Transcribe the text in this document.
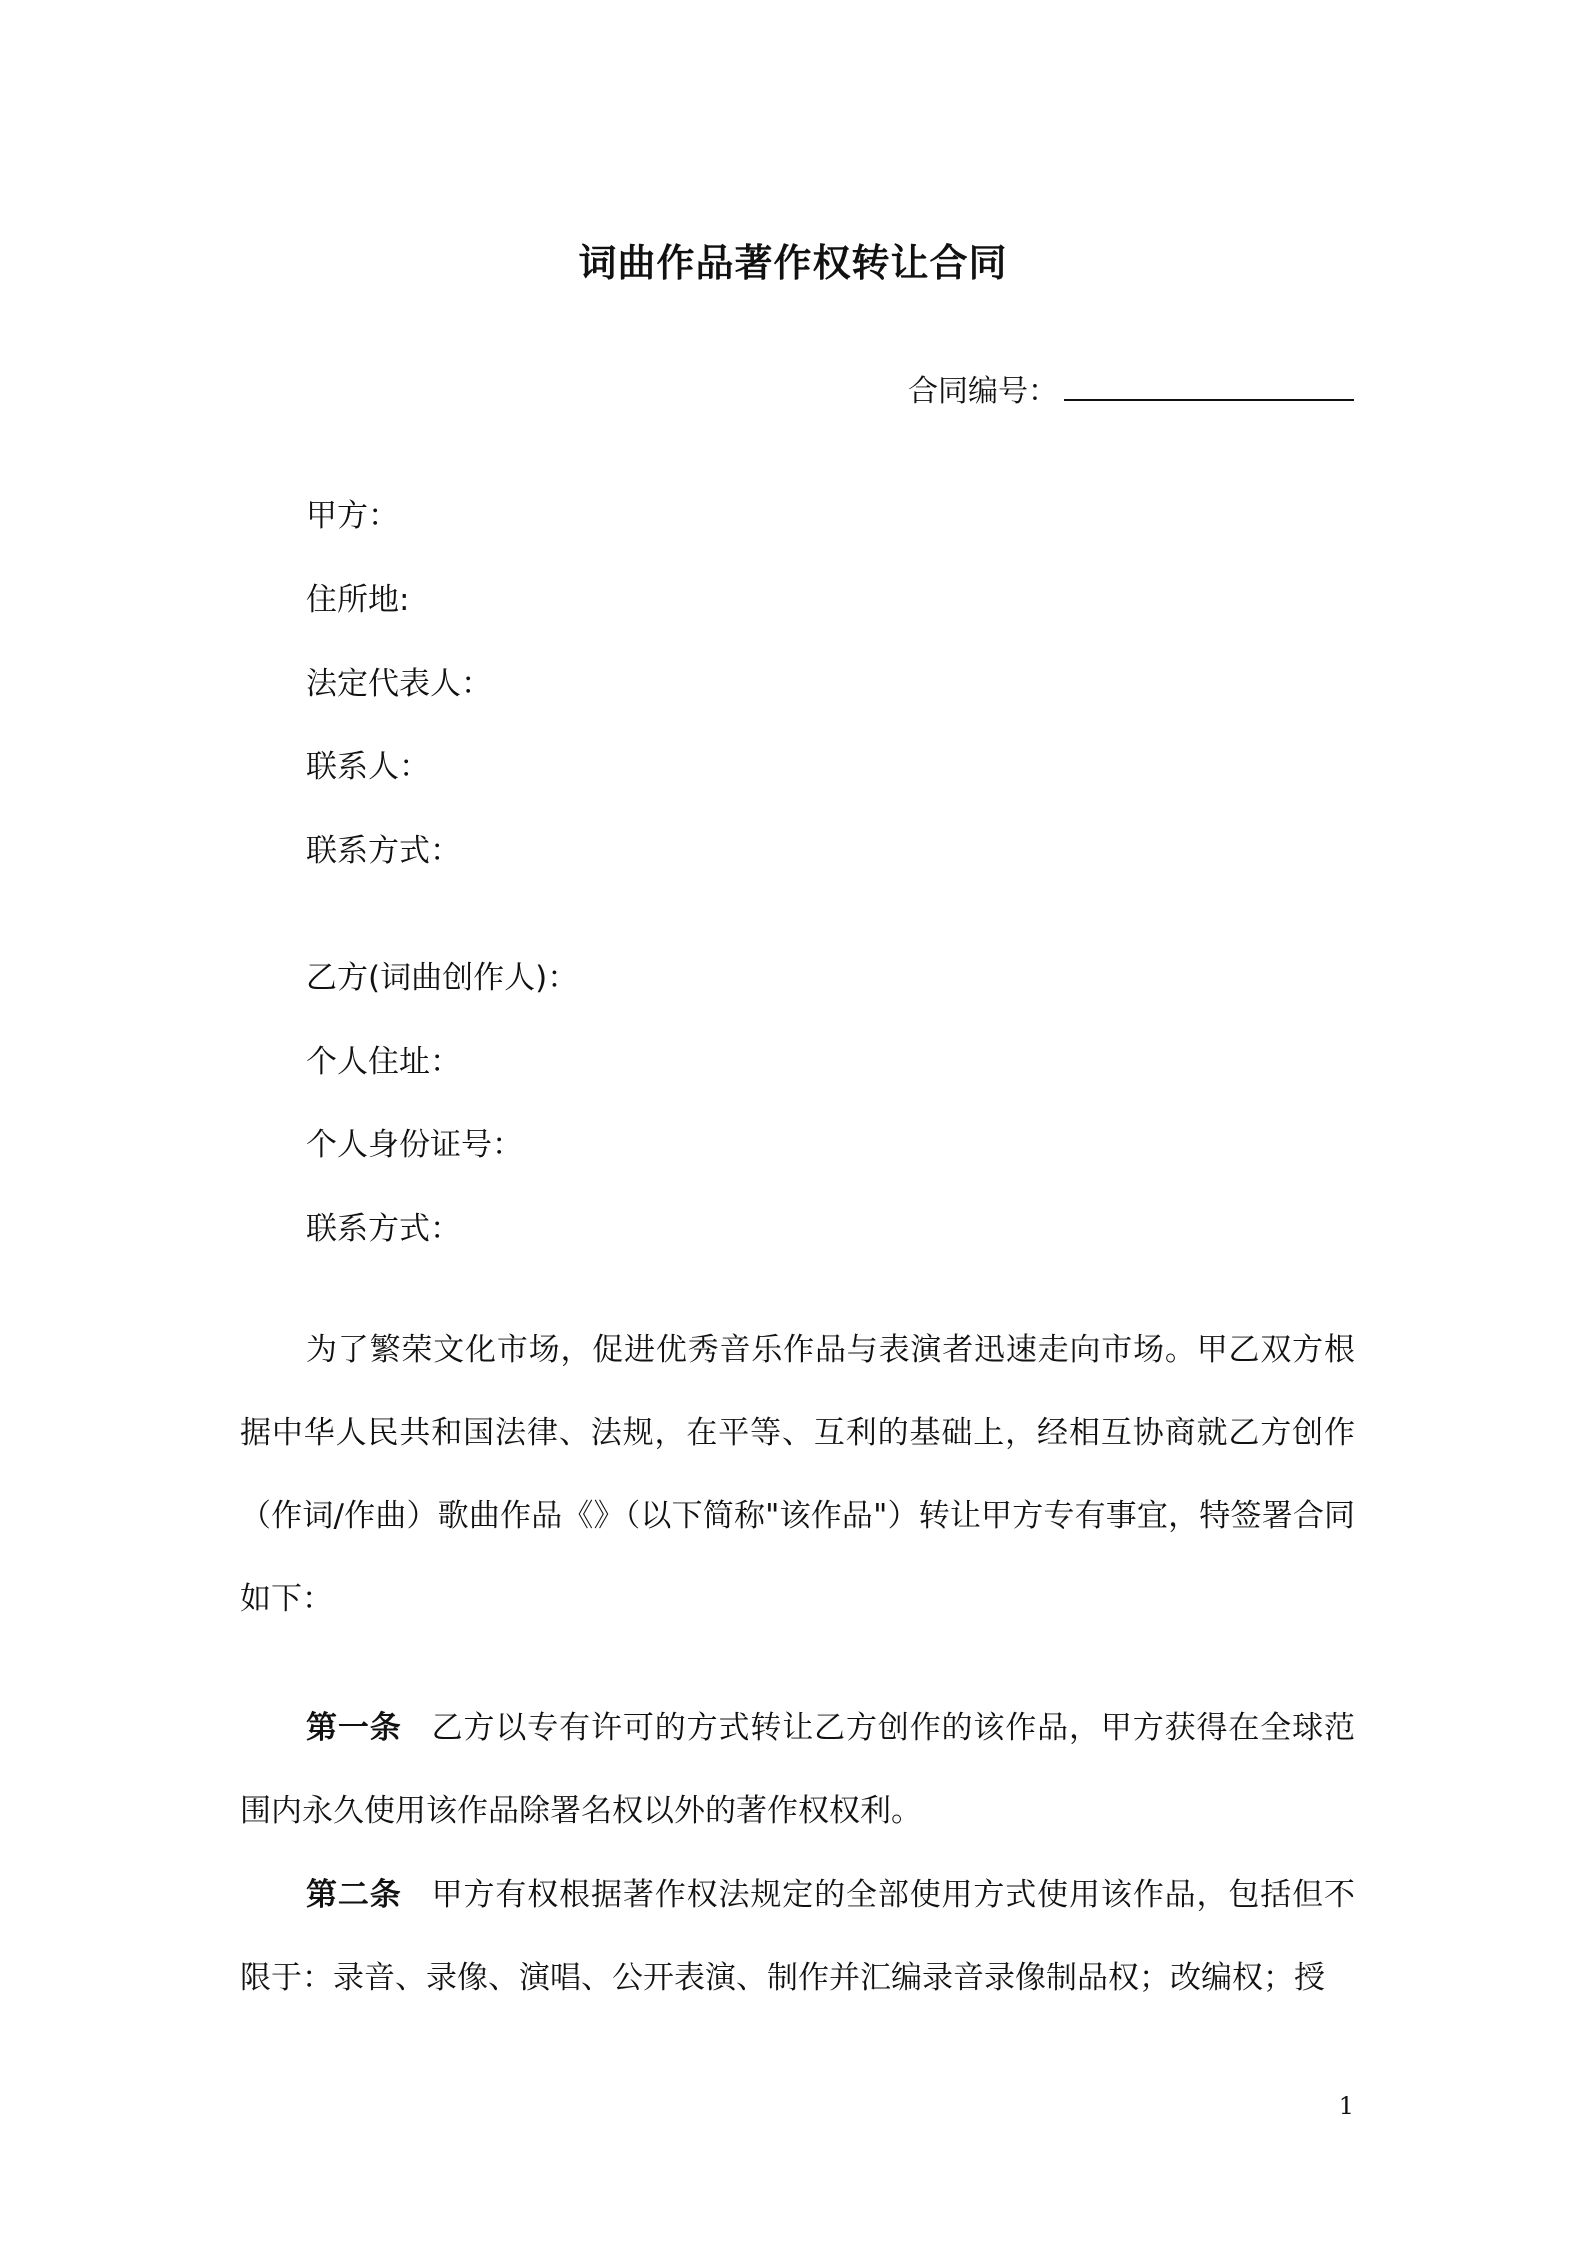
词曲作品著作权转让合同
合同编号：

甲方：

住所地:

法定代表人：

联系人：

联系方式：

乙方(词曲创作人)：

个人住址：

个人身份证号：

联系方式：

为了繁荣文化市场，促进优秀音乐作品与表演者迅速走向市场。甲乙双方根据中华人民共和国法律、法规，在平等、互利的基础上，经相互协商就乙方创作（作词/作曲）歌曲作品《》（以下简称"该作品"）转让甲方专有事宜，特签署合同如下：

第一条 乙方以专有许可的方式转让乙方创作的该作品，甲方获得在全球范围内永久使用该作品除署名权以外的著作权权利。

第二条 甲方有权根据著作权法规定的全部使用方式使用该作品，包括但不限于：录音、录像、演唱、公开表演、制作并汇编录音录像制品权；改编权；授

1
